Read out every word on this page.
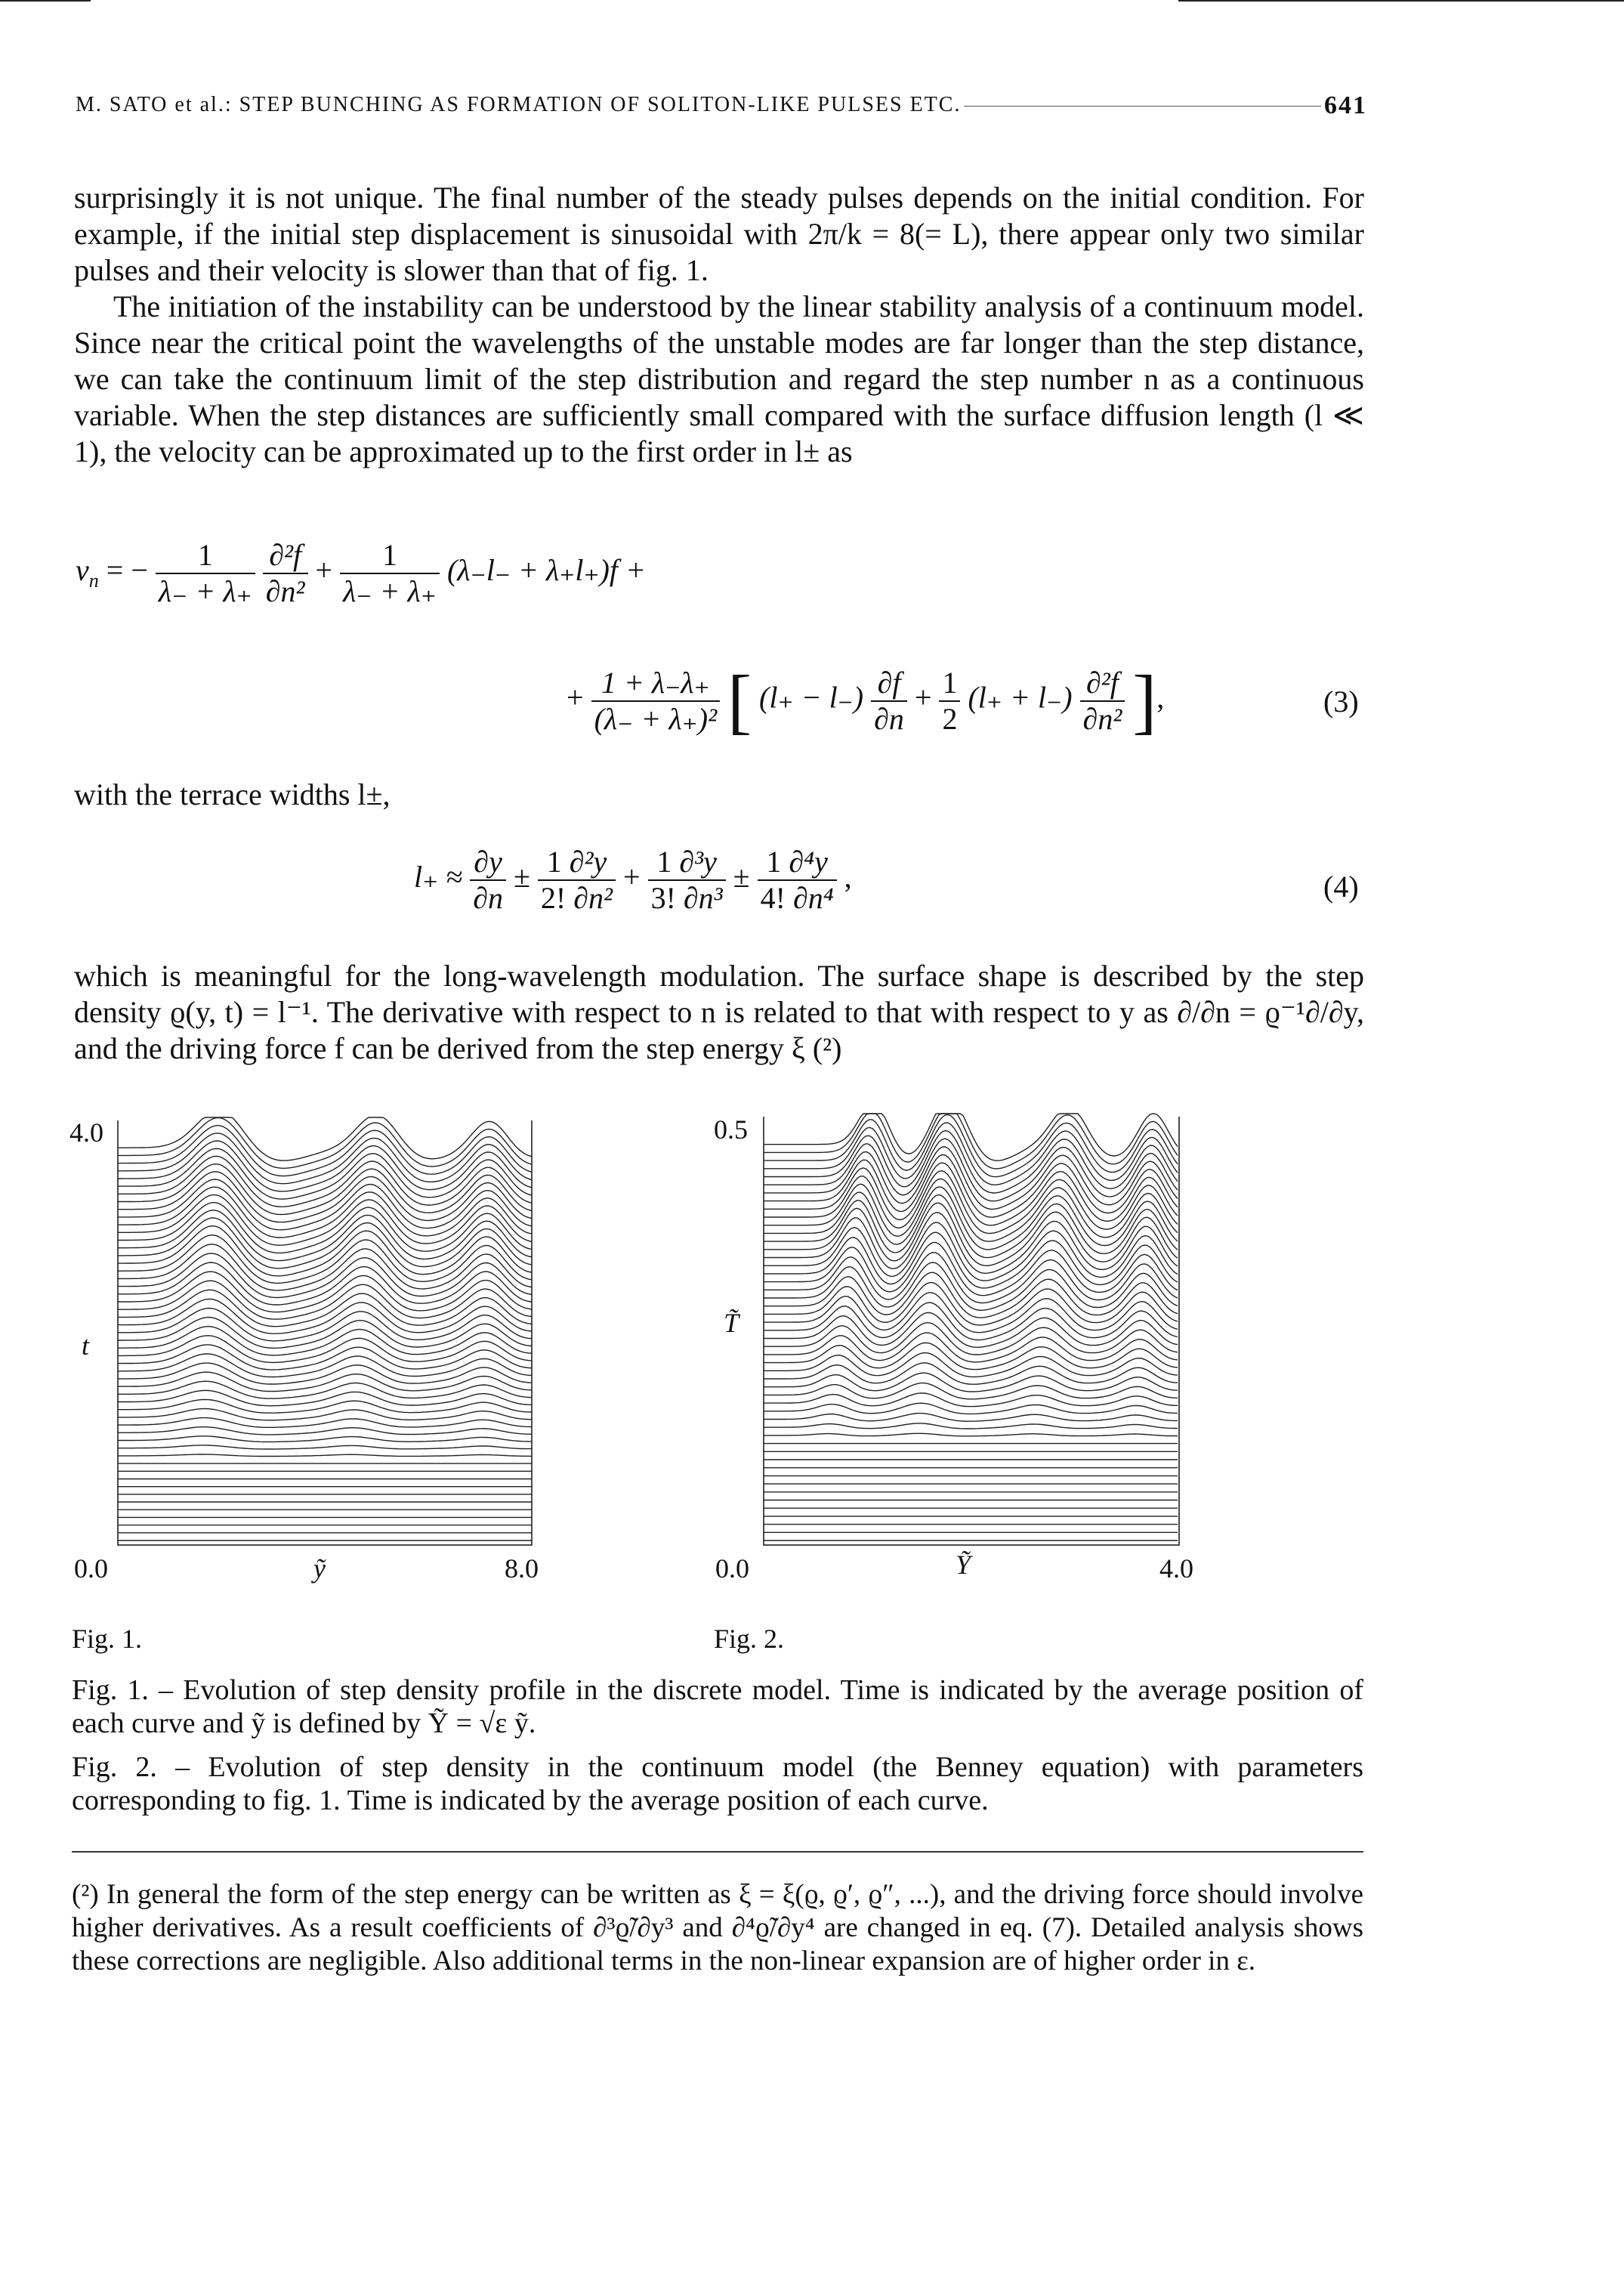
M. SATO et al.: STEP BUNCHING AS FORMATION OF SOLITON-LIKE PULSES ETC.	641

surprisingly it is not unique. The final number of the steady pulses depends on the initial condition. For example, if the initial step displacement is sinusoidal with 2π/k = 8(= L), there appear only two similar pulses and their velocity is slower than that of fig. 1.

The initiation of the instability can be understood by the linear stability analysis of a continuum model. Since near the critical point the wavelengths of the unstable modes are far longer than the step distance, we can take the continuum limit of the step distribution and regard the step number n as a continuous variable. When the step distances are sufficiently small compared with the surface diffusion length (l ≪ 1), the velocity can be approximated up to the first order in l± as

$v_n$ = − $\frac{1}{\lambda_- + \lambda_+}$
$\frac{\text{∂²f}}{\text{∂n²}} + \frac{1}{\lambda_- + \lambda_+} (\lambda_-l_- + \lambda_+l_+)f$ +
+ $\frac{1 + \lambda_-\lambda_+}{\text{(λ₋ + λ₊)²}}$ [ $(l_+ - l_-) \frac{\partial f}{\partial n} + \frac{1}{2} (l_+ + l_-) \frac{\text{∂²f}}{\text{∂n²}}$ ],	(3)

with the terrace widths l±,

$l_+ \approx \frac{\partial y}{\partial n} \pm \frac{\text{1 ∂²y}}{\text{2! ∂n²}} + \frac{\text{1 ∂³y}}{\text{3! ∂n³}} \pm \frac{\text{1 ∂⁴y}}{\text{4! ∂n⁴}}$ ,	(4)

which is meaningful for the long-wavelength modulation. The surface shape is described by the step density ϱ(y, t) = l⁻¹. The derivative with respect to n is related to that with respect to y as ∂/∂n = ϱ⁻¹∂/∂y, and the driving force f can be derived from the step energy ξ (²)

4.0
t
0.0	ỹ	8.0
Fig. 1.
0.5
T̃
0.0	Ỹ	4.0
Fig. 2.

Fig. 1. – Evolution of step density profile in the discrete model. Time is indicated by the average position of each curve and ỹ is defined by Ỹ = √ε ỹ.

Fig. 2. – Evolution of step density in the continuum model (the Benney equation) with parameters corresponding to fig. 1. Time is indicated by the average position of each curve.

(²) In general the form of the step energy can be written as ξ = ξ(ϱ, ϱ′, ϱ″, ...), and the driving force should involve higher derivatives. As a result coefficients of ∂³ϱ̃/∂y³ and ∂⁴ϱ̃/∂y⁴ are changed in eq. (7). Detailed analysis shows these corrections are negligible. Also additional terms in the non-linear expansion are of higher order in ε.
